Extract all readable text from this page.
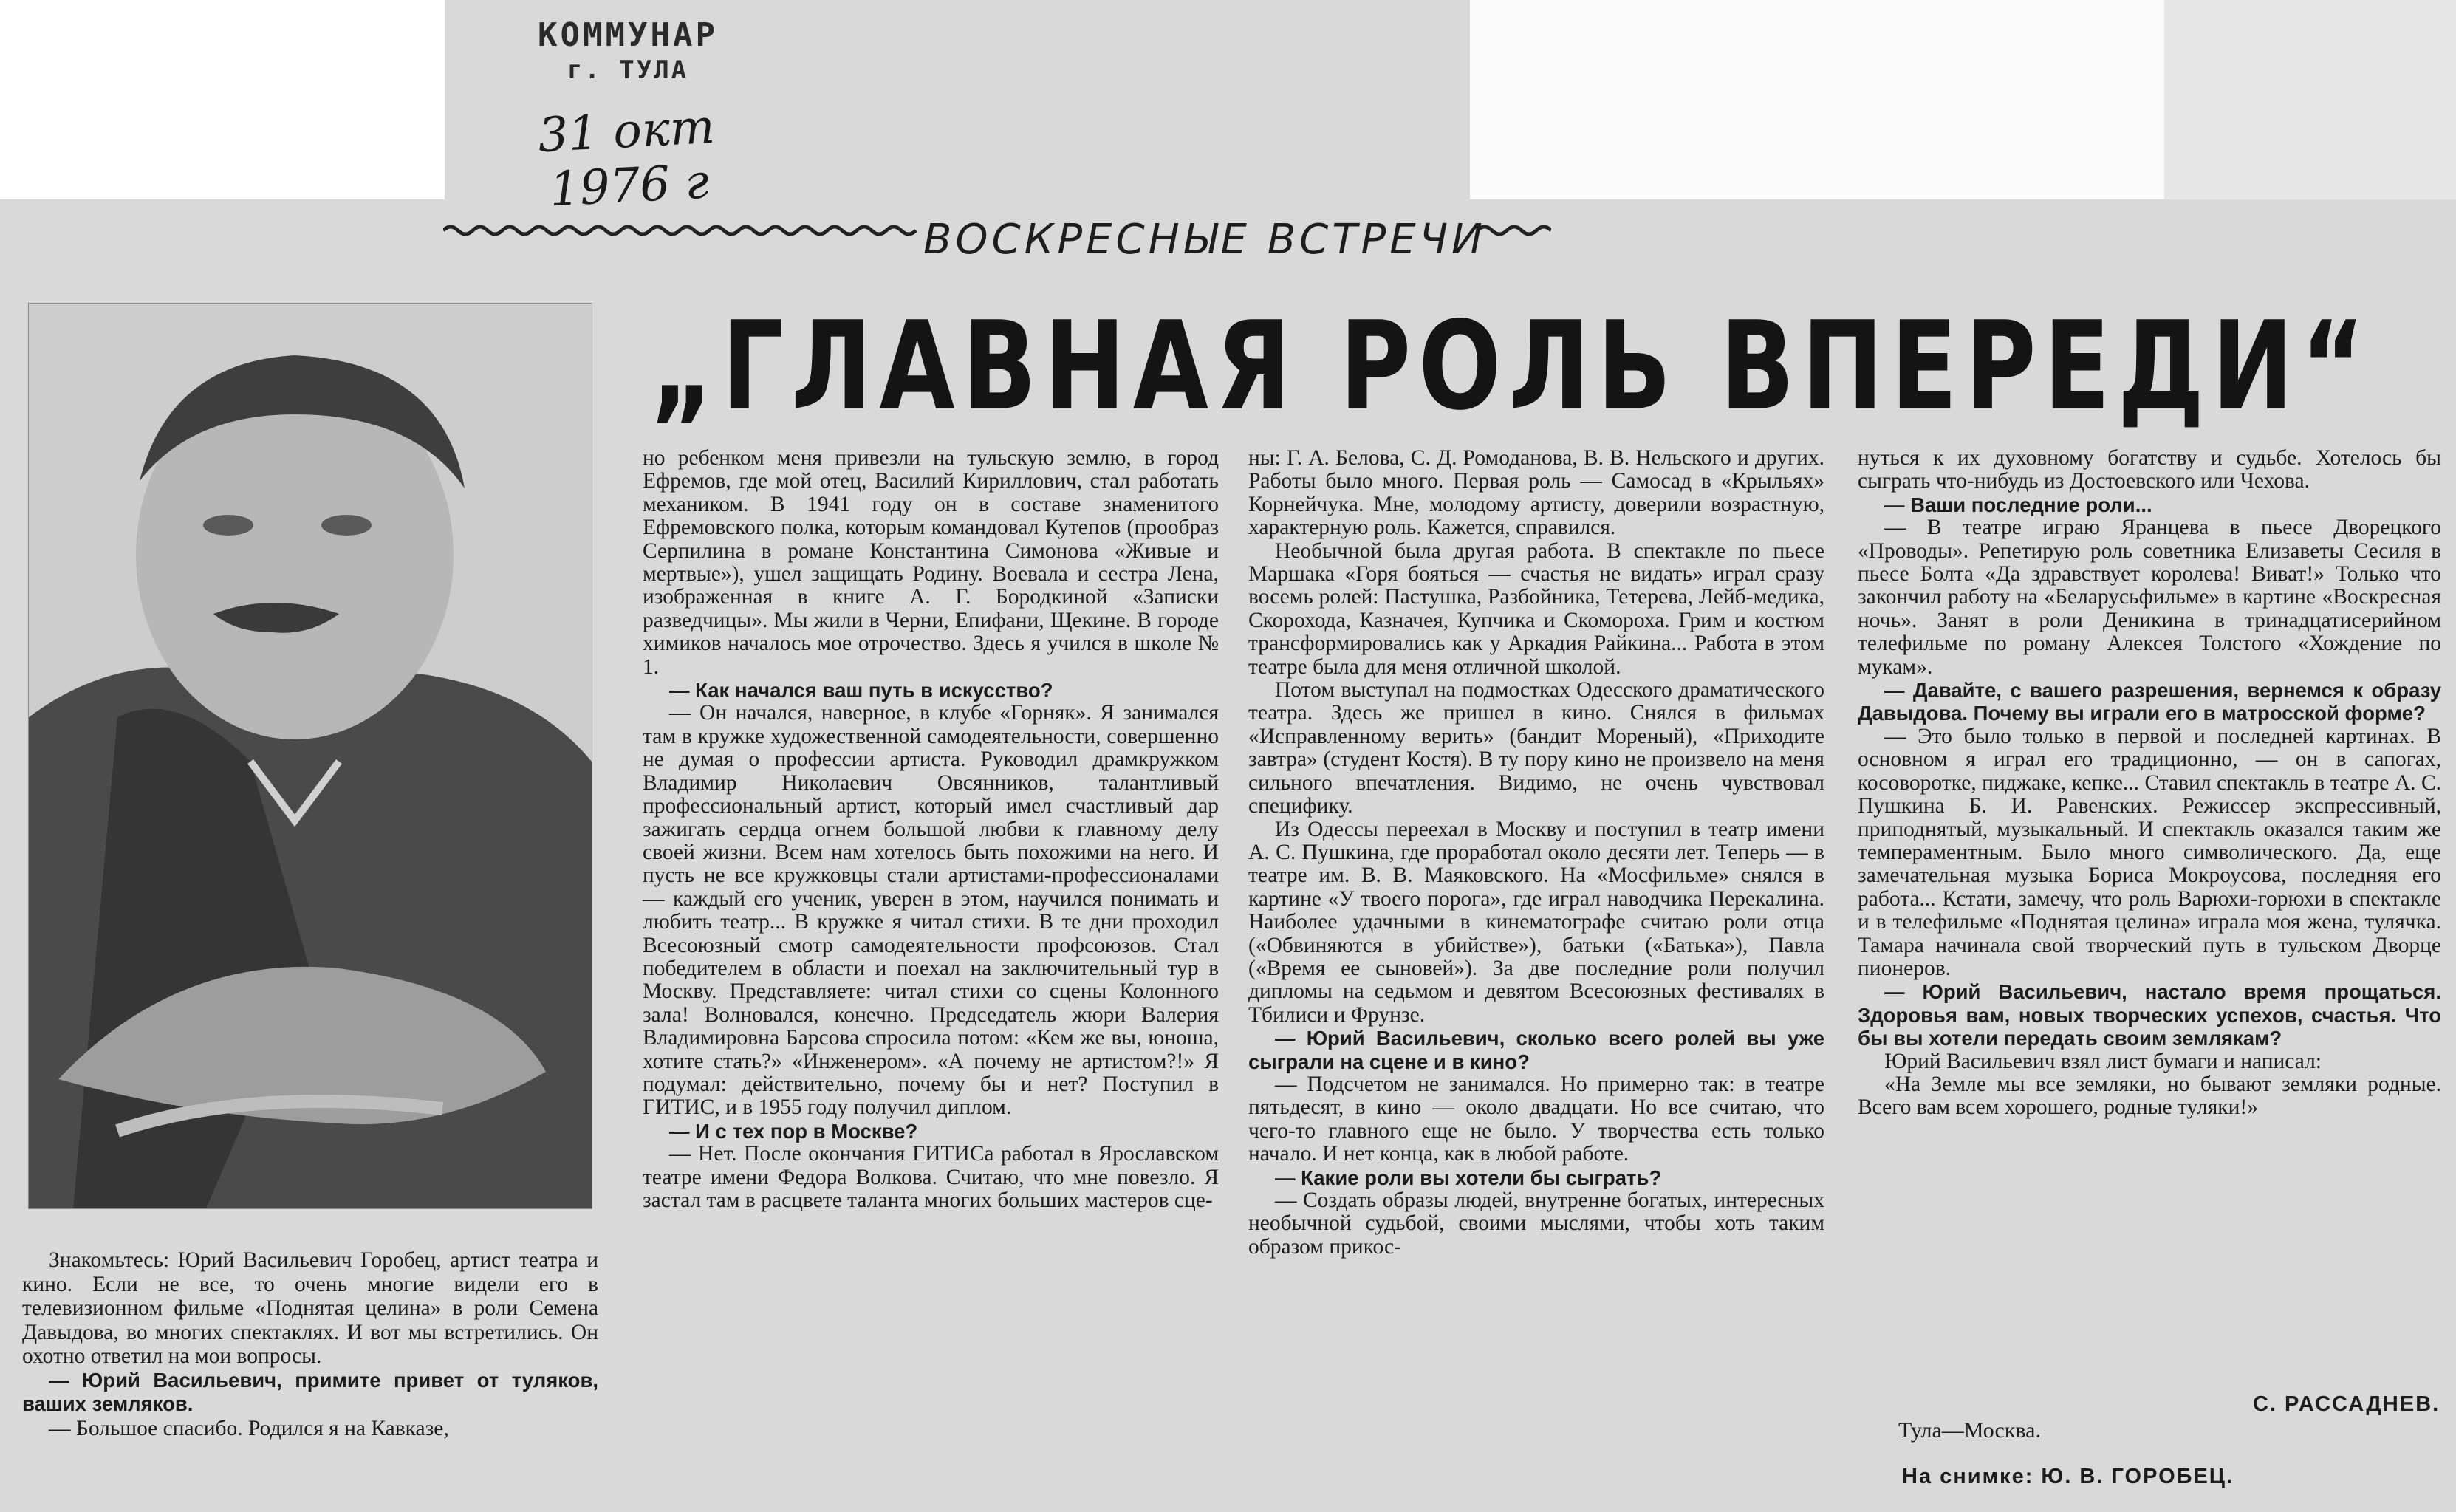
КОММУНАР
г. ТУЛА
31 окт 1976 г
ВОСКРЕСНЫЕ ВСТРЕЧИ
„ГЛАВНАЯ РОЛЬ ВПЕРЕДИ“

Знакомьтесь: Юрий Васильевич Горобец, артист театра и кино. Если не все, то очень многие видели его в телевизионном фильме «Поднятая целина» в роли Семена Давыдова, во многих спектаклях. И вот мы встретились. Он охотно ответил на мои вопросы.

— Юрий Васильевич, примите привет от туляков, ваших земляков.

— Большое спасибо. Родился я на Кавказе,

но ребенком меня привезли на тульскую землю, в город Ефремов, где мой отец, Василий Кириллович, стал работать механиком. В 1941 году он в составе знаменитого Ефремовского полка, которым командовал Кутепов (прообраз Серпилина в романе Константина Симонова «Живые и мертвые»), ушел защищать Родину. Воевала и сестра Лена, изображенная в книге А. Г. Бородкиной «Записки разведчицы». Мы жили в Черни, Епифани, Щекине. В городе химиков началось мое отрочество. Здесь я учился в школе № 1.

— Как начался ваш путь в искусство?

— Он начался, наверное, в клубе «Горняк». Я занимался там в кружке художественной самодеятельности, совершенно не думая о профессии артиста. Руководил драмкружком Владимир Николаевич Овсянников, талантливый профессиональный артист, который имел счастливый дар зажигать сердца огнем большой любви к главному делу своей жизни. Всем нам хотелось быть похожими на него. И пусть не все кружковцы стали артистами-профессионалами — каждый его ученик, уверен в этом, научился понимать и любить театр... В кружке я читал стихи. В те дни проходил Всесоюзный смотр самодеятельности профсоюзов. Стал победителем в области и поехал на заключительный тур в Москву. Представляете: читал стихи со сцены Колонного зала! Волновался, конечно. Председатель жюри Валерия Владимировна Барсова спросила потом: «Кем же вы, юноша, хотите стать?» «Инженером». «А почему не артистом?!» Я подумал: действительно, почему бы и нет? Поступил в ГИТИС, и в 1955 году получил диплом.

— И с тех пор в Москве?

— Нет. После окончания ГИТИСа работал в Ярославском театре имени Федора Волкова. Считаю, что мне повезло. Я застал там в расцвете таланта многих больших мастеров сце-

ны: Г. А. Белова, С. Д. Ромоданова, В. В. Нельского и других. Работы было много. Первая роль — Самосад в «Крыльях» Корнейчука. Мне, молодому артисту, доверили возрастную, характерную роль. Кажется, справился.

Необычной была другая работа. В спектакле по пьесе Маршака «Горя бояться — счастья не видать» играл сразу восемь ролей: Пастушка, Разбойника, Тетерева, Лейб-медика, Скорохода, Казначея, Купчика и Скомороха. Грим и костюм трансформировались как у Аркадия Райкина... Работа в этом театре была для меня отличной школой.

Потом выступал на подмостках Одесского драматического театра. Здесь же пришел в кино. Снялся в фильмах «Исправленному верить» (бандит Мореный), «Приходите завтра» (студент Костя). В ту пору кино не произвело на меня сильного впечатления. Видимо, не очень чувствовал специфику.

Из Одессы переехал в Москву и поступил в театр имени А. С. Пушкина, где проработал около десяти лет. Теперь — в театре им. В. В. Маяковского. На «Мосфильме» снялся в картине «У твоего порога», где играл наводчика Перекалина. Наиболее удачными в кинематографе считаю роли отца («Обвиняются в убийстве»), батьки («Батька»), Павла («Время ее сыновей»). За две последние роли получил дипломы на седьмом и девятом Всесоюзных фестивалях в Тбилиси и Фрунзе.

— Юрий Васильевич, сколько всего ролей вы уже сыграли на сцене и в кино?

— Подсчетом не занимался. Но примерно так: в театре пятьдесят, в кино — около двадцати. Но все считаю, что чего-то главного еще не было. У творчества есть только начало. И нет конца, как в любой работе.

— Какие роли вы хотели бы сыграть?

— Создать образы людей, внутренне богатых, интересных необычной судьбой, своими мыслями, чтобы хоть таким образом прикос-

нуться к их духовному богатству и судьбе. Хотелось бы сыграть что-нибудь из Достоевского или Чехова.

— Ваши последние роли...

— В театре играю Яранцева в пьесе Дворецкого «Проводы». Репетирую роль советника Елизаветы Сесиля в пьесе Болта «Да здравствует королева! Виват!» Только что закончил работу на «Беларусьфильме» в картине «Воскресная ночь». Занят в роли Деникина в тринадцатисерийном телефильме по роману Алексея Толстого «Хождение по мукам».

— Давайте, с вашего разрешения, вернемся к образу Давыдова. Почему вы играли его в матросской форме?

— Это было только в первой и последней картинах. В основном я играл его традиционно, — он в сапогах, косоворотке, пиджаке, кепке... Ставил спектакль в театре А. С. Пушкина Б. И. Равенских. Режиссер экспрессивный, приподнятый, музыкальный. И спектакль оказался таким же темпераментным. Было много символического. Да, еще замечательная музыка Бориса Мокроусова, последняя его работа... Кстати, замечу, что роль Варюхи-горюхи в спектакле и в телефильме «Поднятая целина» играла моя жена, тулячка. Тамара начинала свой творческий путь в тульском Дворце пионеров.

— Юрий Васильевич, настало время прощаться. Здоровья вам, новых творческих успехов, счастья. Что бы вы хотели передать своим землякам?

Юрий Васильевич взял лист бумаги и написал:

«На Земле мы все земляки, но бывают земляки родные. Всего вам всем хорошего, родные туляки!»

С. РАССАДНЕВ.
Тула—Москва.
На снимке: Ю. В. ГОРОБЕЦ.
